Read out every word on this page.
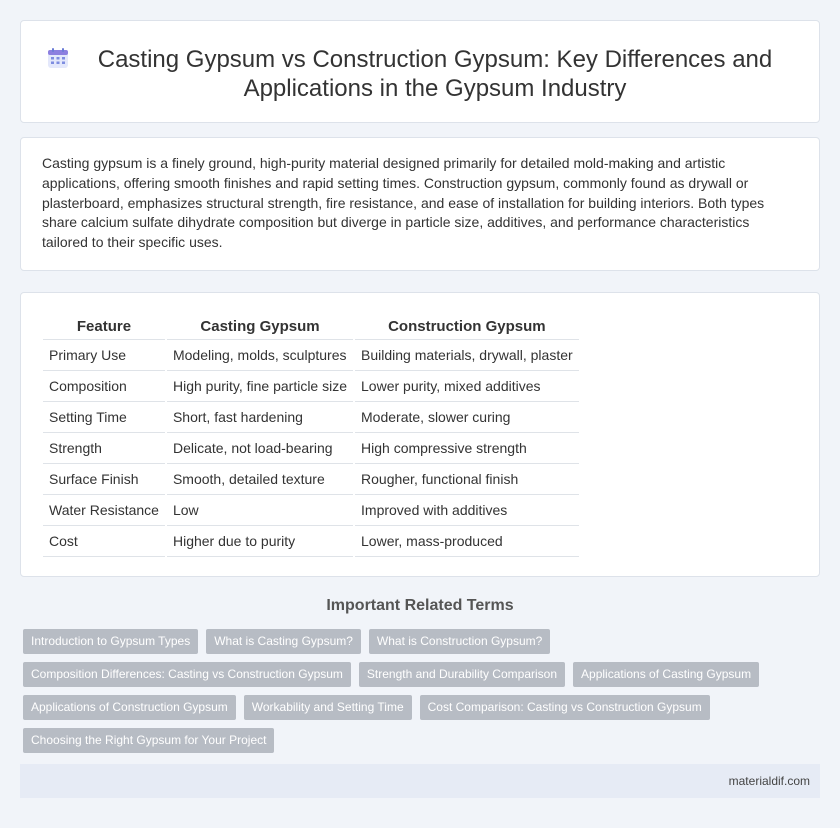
Casting Gypsum vs Construction Gypsum: Key Differences and Applications in the Gypsum Industry

Casting gypsum is a finely ground, high-purity material designed primarily for detailed mold-making and artistic applications, offering smooth finishes and rapid setting times. Construction gypsum, commonly found as drywall or plasterboard, emphasizes structural strength, fire resistance, and ease of installation for building interiors. Both types share calcium sulfate dihydrate composition but diverge in particle size, additives, and performance characteristics tailored to their specific uses.

Feature	Casting Gypsum	Construction Gypsum
Primary Use	Modeling, molds, sculptures	Building materials, drywall, plaster
Composition	High purity, fine particle size	Lower purity, mixed additives
Setting Time	Short, fast hardening	Moderate, slower curing
Strength	Delicate, not load-bearing	High compressive strength
Surface Finish	Smooth, detailed texture	Rougher, functional finish
Water Resistance	Low	Improved with additives
Cost	Higher due to purity	Lower, mass-produced
Important Related Terms
Introduction to Gypsum Types	What is Casting Gypsum?	What is Construction Gypsum?
Composition Differences: Casting vs Construction Gypsum	Strength and Durability Comparison	Applications of Casting Gypsum
Applications of Construction Gypsum	Workability and Setting Time	Cost Comparison: Casting vs Construction Gypsum
Choosing the Right Gypsum for Your Project
materialdif.com
